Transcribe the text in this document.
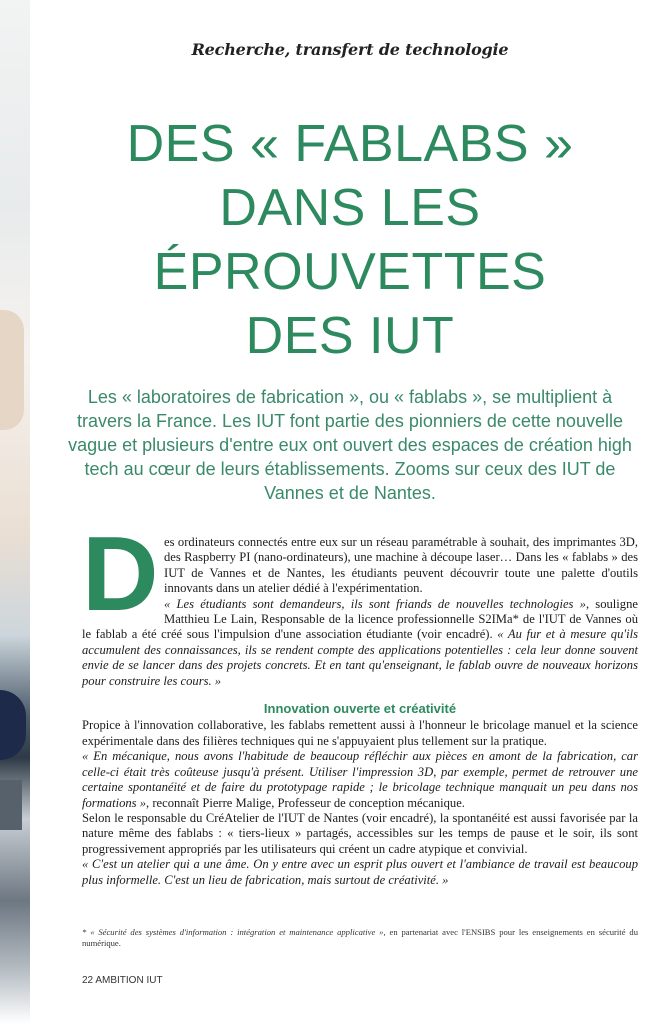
Recherche, transfert de technologie
DES « FABLABS »
DANS LES
ÉPROUVETTES
DES IUT
Les « laboratoires de fabrication », ou « fablabs », se multiplient à travers la France. Les IUT font partie des pionniers de cette nouvelle vague et plusieurs d'entre eux ont ouvert des espaces de création high tech au cœur de leurs établissements. Zooms sur ceux des IUT de Vannes et de Nantes.

Des ordinateurs connectés entre eux sur un réseau paramétrable à souhait, des imprimantes 3D, des Raspberry PI (nano-ordinateurs), une machine à découpe laser… Dans les « fablabs » des IUT de Vannes et de Nantes, les étudiants peuvent découvrir toute une palette d'outils innovants dans un atelier dédié à l'expérimentation.

« Les étudiants sont demandeurs, ils sont friands de nouvelles technologies », souligne Matthieu Le Lain, Responsable de la licence professionnelle S2IMa* de l'IUT de Vannes où le fablab a été créé sous l'impulsion d'une association étudiante (voir encadré). « Au fur et à mesure qu'ils accumulent des connaissances, ils se rendent compte des applications potentielles : cela leur donne souvent envie de se lancer dans des projets concrets. Et en tant qu'enseignant, le fablab ouvre de nouveaux horizons pour construire les cours. »

Innovation ouverte et créativité

Propice à l'innovation collaborative, les fablabs remettent aussi à l'honneur le bricolage manuel et la science expérimentale dans des filières techniques qui ne s'appuyaient plus tellement sur la pratique.

« En mécanique, nous avons l'habitude de beaucoup réfléchir aux pièces en amont de la fabrication, car celle-ci était très coûteuse jusqu'à présent. Utiliser l'impression 3D, par exemple, permet de retrouver une certaine spontanéité et de faire du prototypage rapide ; le bricolage technique manquait un peu dans nos formations », reconnaît Pierre Malige, Professeur de conception mécanique.

Selon le responsable du CréAtelier de l'IUT de Nantes (voir encadré), la spontanéité est aussi favorisée par la nature même des fablabs : « tiers-lieux » partagés, accessibles sur les temps de pause et le soir, ils sont progressivement appropriés par les utilisateurs qui créent un cadre atypique et convivial.

« C'est un atelier qui a une âme. On y entre avec un esprit plus ouvert et l'ambiance de travail est beaucoup plus informelle. C'est un lieu de fabrication, mais surtout de créativité. »

* « Sécurité des systèmes d'information : intégration et maintenance applicative », en partenariat avec l'ENSIBS pour les enseignements en sécurité du numérique.
22 AMBITION IUT
